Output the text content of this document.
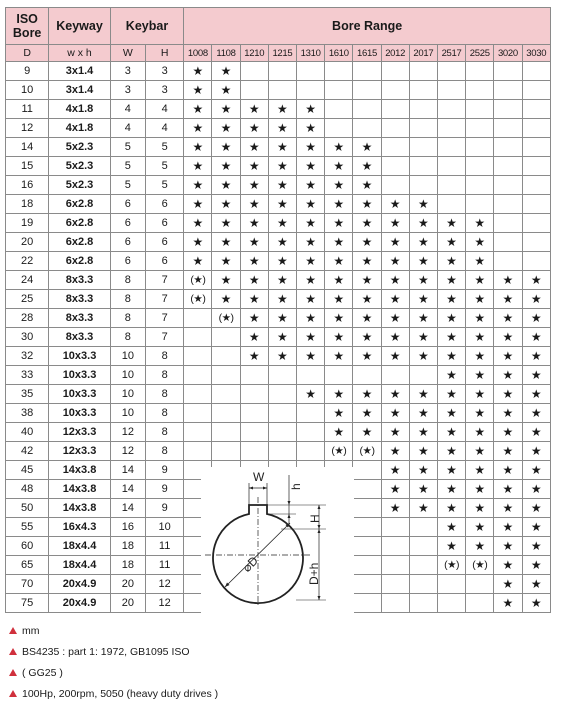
ISO
Bore	Keyway	Keybar		Bore Range												
D	w x h	W	H	1008	1108	1210	1215	1310	1610	1615	2012	2017	2517	2525	3020	3030
9	3x1.4	3	3	★	★											
10	3x1.4	3	3	★	★											
11	4x1.8	4	4	★	★	★	★	★								
12	4x1.8	4	4	★	★	★	★	★								
14	5x2.3	5	5	★	★	★	★	★	★	★						
15	5x2.3	5	5	★	★	★	★	★	★	★						
16	5x2.3	5	5	★	★	★	★	★	★	★						
18	6x2.8	6	6	★	★	★	★	★	★	★	★	★				
19	6x2.8	6	6	★	★	★	★	★	★	★	★	★	★	★		
20	6x2.8	6	6	★	★	★	★	★	★	★	★	★	★	★		
22	6x2.8	6	6	★	★	★	★	★	★	★	★	★	★	★		
24	8x3.3	8	7	(★)	★	★	★	★	★	★	★	★	★	★	★	★
25	8x3.3	8	7	(★)	★	★	★	★	★	★	★	★	★	★	★	★
28	8x3.3	8	7		(★)	★	★	★	★	★	★	★	★	★	★	★
30	8x3.3	8	7			★	★	★	★	★	★	★	★	★	★	★
32	10x3.3	10	8			★	★	★	★	★	★	★	★	★	★	★
33	10x3.3	10	8										★	★	★	★
35	10x3.3	10	8					★	★	★	★	★	★	★	★	★
38	10x3.3	10	8						★	★	★	★	★	★	★	★
40	12x3.3	12	8						★	★	★	★	★	★	★	★
42	12x3.3	12	8						(★)	(★)	★	★	★	★	★	★
45	14x3.8	14	9								★	★	★	★	★	★
48	14x3.8	14	9								★	★	★	★	★	★
50	14x3.8	14	9								★	★	★	★	★	★
55	16x4.3	16	10										★	★	★	★
60	18x4.4	18	11										★	★	★	★
65	18x4.4	18	11										(★)	(★)	★	★
70	20x4.9	20	12												★	★
75	20x4.9	20	12												★	★
W
h
H
⌀D	D+h
mm
BS4235 : part 1: 1972, GB1095 ISO
( GG25 )
100Hp, 200rpm, 5050 (heavy duty drives )
